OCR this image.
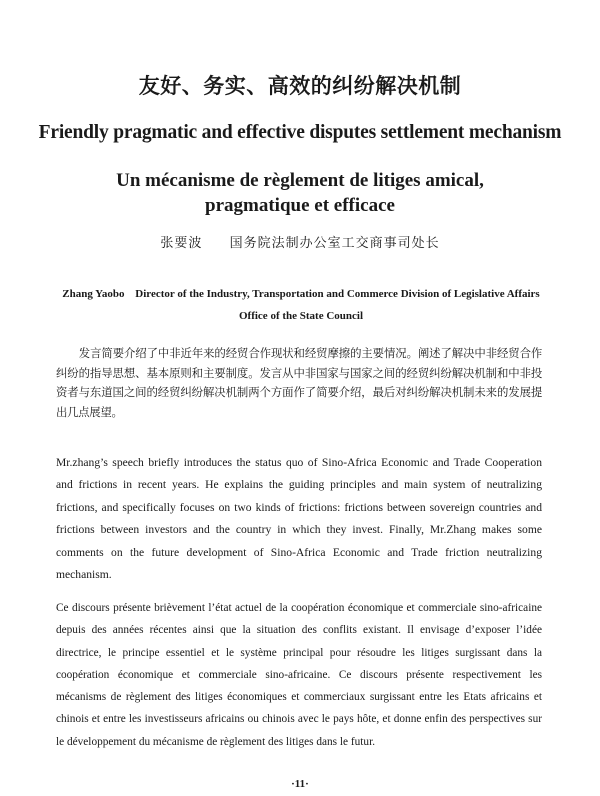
友好、务实、高效的纠纷解决机制
Friendly pragmatic and effective disputes settlement mechanism
Un mécanisme de règlement de litiges amical,
pragmatique et efficace
张要波 国务院法制办公室工交商事司处长
Zhang Yaobo Director of the Industry, Transportation and Commerce Division of Legislative Affairs Office of the State Council

发言简要介绍了中非近年来的经贸合作现状和经贸摩擦的主要情况。阐述了解决中非经贸合作纠纷的指导思想、基本原则和主要制度。发言从中非国家与国家之间的经贸纠纷解决机制和中非投资者与东道国之间的经贸纠纷解决机制两个方面作了简要介绍，最后对纠纷解决机制未来的发展提出几点展望。

Mr.zhang’s speech briefly introduces the status quo of Sino-Africa Economic and Trade Cooperation and frictions in recent years. He explains the guiding principles and main system of neutralizing frictions, and specifically focuses on two kinds of frictions: frictions between sovereign countries and frictions between investors and the country in which they invest. Finally, Mr.Zhang makes some comments on the future development of Sino-Africa Economic and Trade friction neutralizing mechanism.

Ce discours présente brièvement l’état actuel de la coopération économique et commerciale sino-africaine depuis des années récentes ainsi que la situation des conflits existant. Il envisage d’exposer l’idée directrice, le principe essentiel et le système principal pour résoudre les litiges surgissant dans la coopération économique et commerciale sino-africaine. Ce discours présente respectivement les mécanisms de règlement des litiges économiques et commerciaux surgissant entre les Etats africains et chinois et entre les investisseurs africains ou chinois avec le pays hôte, et donne enfin des perspectives sur le développement du mécanisme de règlement des litiges dans le futur.

·11·
